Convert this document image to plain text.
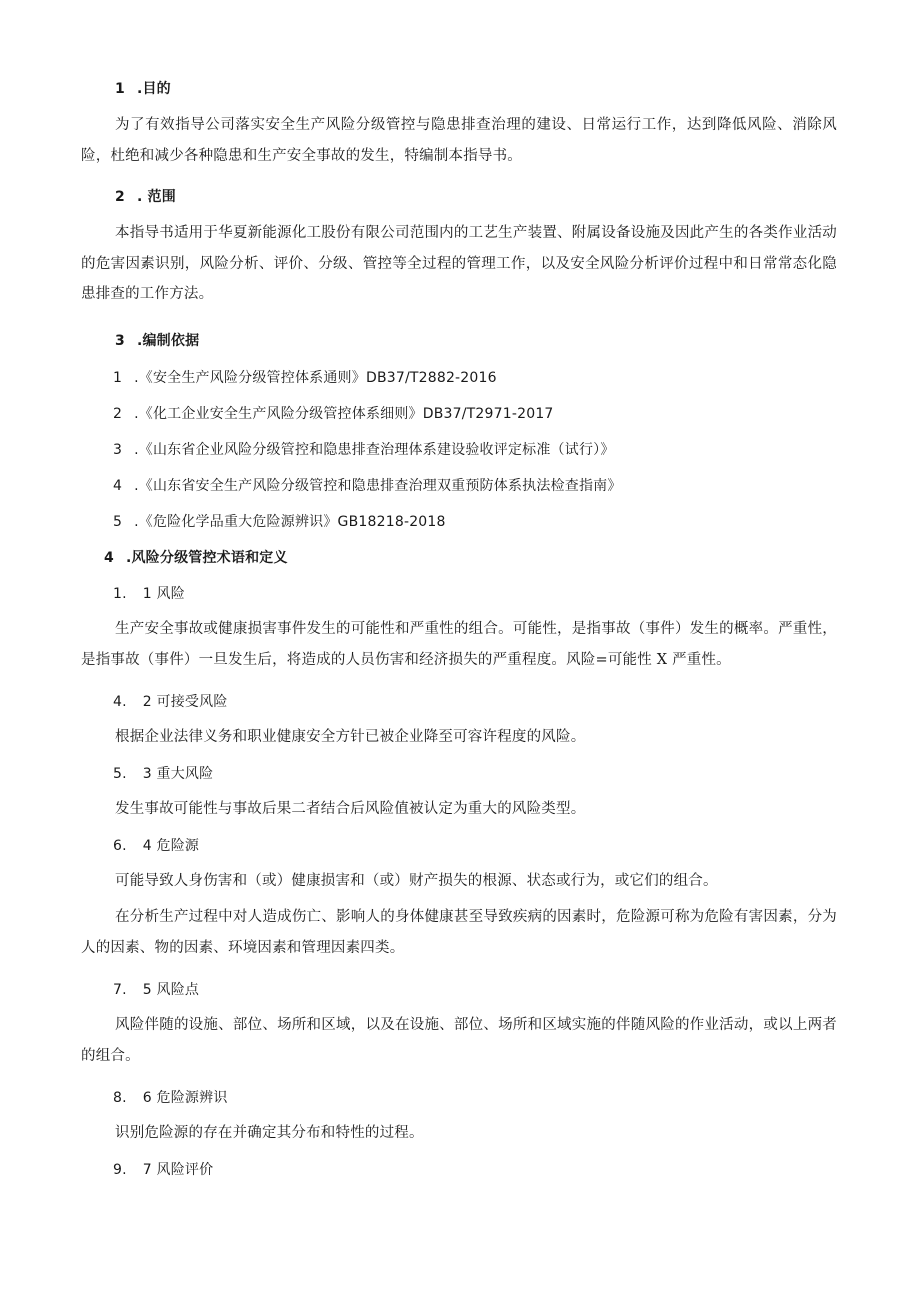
1 .目的
为了有效指导公司落实安全生产风险分级管控与隐患排查治理的建设、日常运行工作，达到降低风险、消除风险，杜绝和减少各种隐患和生产安全事故的发生，特编制本指导书。
2 . 范围
本指导书适用于华夏新能源化工股份有限公司范围内的工艺生产装置、附属设备设施及因此产生的各类作业活动的危害因素识别，风险分析、评价、分级、管控等全过程的管理工作，以及安全风险分析评价过程中和日常常态化隐患排查的工作方法。
3 .编制依据
1 .《安全生产风险分级管控体系通则》DB37/T2882-2016
2 .《化工企业安全生产风险分级管控体系细则》DB37/T2971-2017
3 .《山东省企业风险分级管控和隐患排查治理体系建设验收评定标准（试行）》
4 .《山东省安全生产风险分级管控和隐患排查治理双重预防体系执法检查指南》
5 .《危险化学品重大危险源辨识》GB18218-2018
4 .风险分级管控术语和定义
1. 1 风险
生产安全事故或健康损害事件发生的可能性和严重性的组合。可能性，是指事故（事件）发生的概率。严重性，是指事故（事件）一旦发生后，将造成的人员伤害和经济损失的严重程度。风险=可能性 X 严重性。
4. 2 可接受风险
根据企业法律义务和职业健康安全方针已被企业降至可容许程度的风险。
5. 3 重大风险
发生事故可能性与事故后果二者结合后风险值被认定为重大的风险类型。
6. 4 危险源
可能导致人身伤害和（或）健康损害和（或）财产损失的根源、状态或行为，或它们的组合。
在分析生产过程中对人造成伤亡、影响人的身体健康甚至导致疾病的因素时，危险源可称为危险有害因素，分为人的因素、物的因素、环境因素和管理因素四类。
7. 5 风险点
风险伴随的设施、部位、场所和区域，以及在设施、部位、场所和区域实施的伴随风险的作业活动，或以上两者的组合。
8. 6 危险源辨识
识别危险源的存在并确定其分布和特性的过程。
9. 7 风险评价
